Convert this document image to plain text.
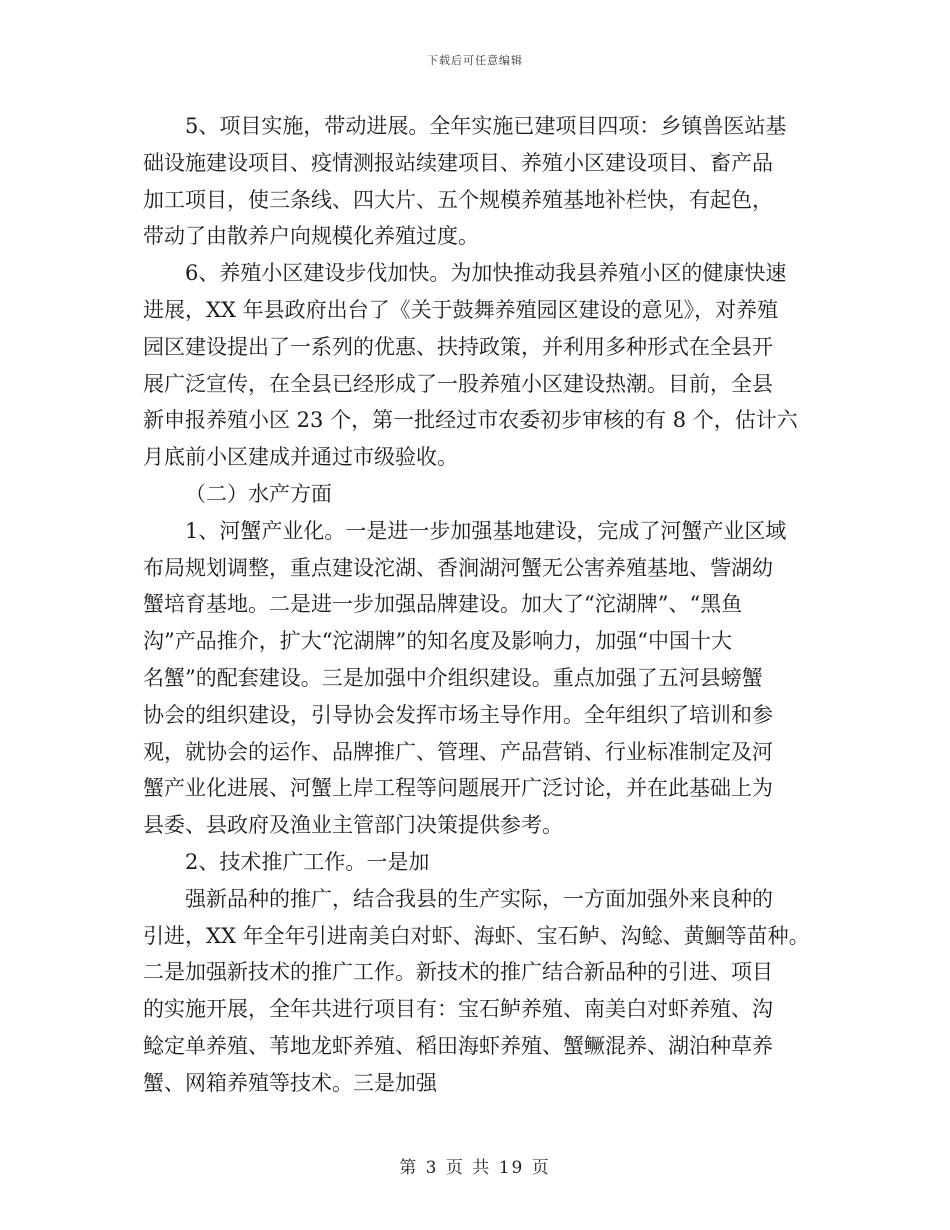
下载后可任意编辑
5、项目实施，带动进展。全年实施已建项目四项：乡镇兽医站基
础设施建设项目、疫情测报站续建项目、养殖小区建设项目、畜产品
加工项目，使三条线、四大片、五个规模养殖基地补栏快，有起色，
带动了由散养户向规模化养殖过度。
6、养殖小区建设步伐加快。为加快推动我县养殖小区的健康快速
进展，XX 年县政府出台了《关于鼓舞养殖园区建设的意见》，对养殖
园区建设提出了一系列的优惠、扶持政策，并利用多种形式在全县开
展广泛宣传，在全县已经形成了一股养殖小区建设热潮。目前，全县
新申报养殖小区 23 个，第一批经过市农委初步审核的有 8 个，估计六
月底前小区建成并通过市级验收。
（二）水产方面
1、河蟹产业化。一是进一步加强基地建设，完成了河蟹产业区域
布局规划调整，重点建设沱湖、香涧湖河蟹无公害养殖基地、訾湖幼
蟹培育基地。二是进一步加强品牌建设。加大了“沱湖牌”、“黑鱼
沟”产品推介，扩大“沱湖牌”的知名度及影响力，加强“中国十大
名蟹”的配套建设。三是加强中介组织建设。重点加强了五河县螃蟹
协会的组织建设，引导协会发挥市场主导作用。全年组织了培训和参
观，就协会的运作、品牌推广、管理、产品营销、行业标准制定及河
蟹产业化进展、河蟹上岸工程等问题展开广泛讨论，并在此基础上为
县委、县政府及渔业主管部门决策提供参考。
2、技术推广工作。一是加
强新品种的推广，结合我县的生产实际，一方面加强外来良种的
引进，XX 年全年引进南美白对虾、海虾、宝石鲈、沟鲶、黄鮰等苗种。
二是加强新技术的推广工作。新技术的推广结合新品种的引进、项目
的实施开展，全年共进行项目有：宝石鲈养殖、南美白对虾养殖、沟
鲶定单养殖、苇地龙虾养殖、稻田海虾养殖、蟹鳜混养、湖泊种草养
蟹、网箱养殖等技术。三是加强
第 3 页 共 19 页
